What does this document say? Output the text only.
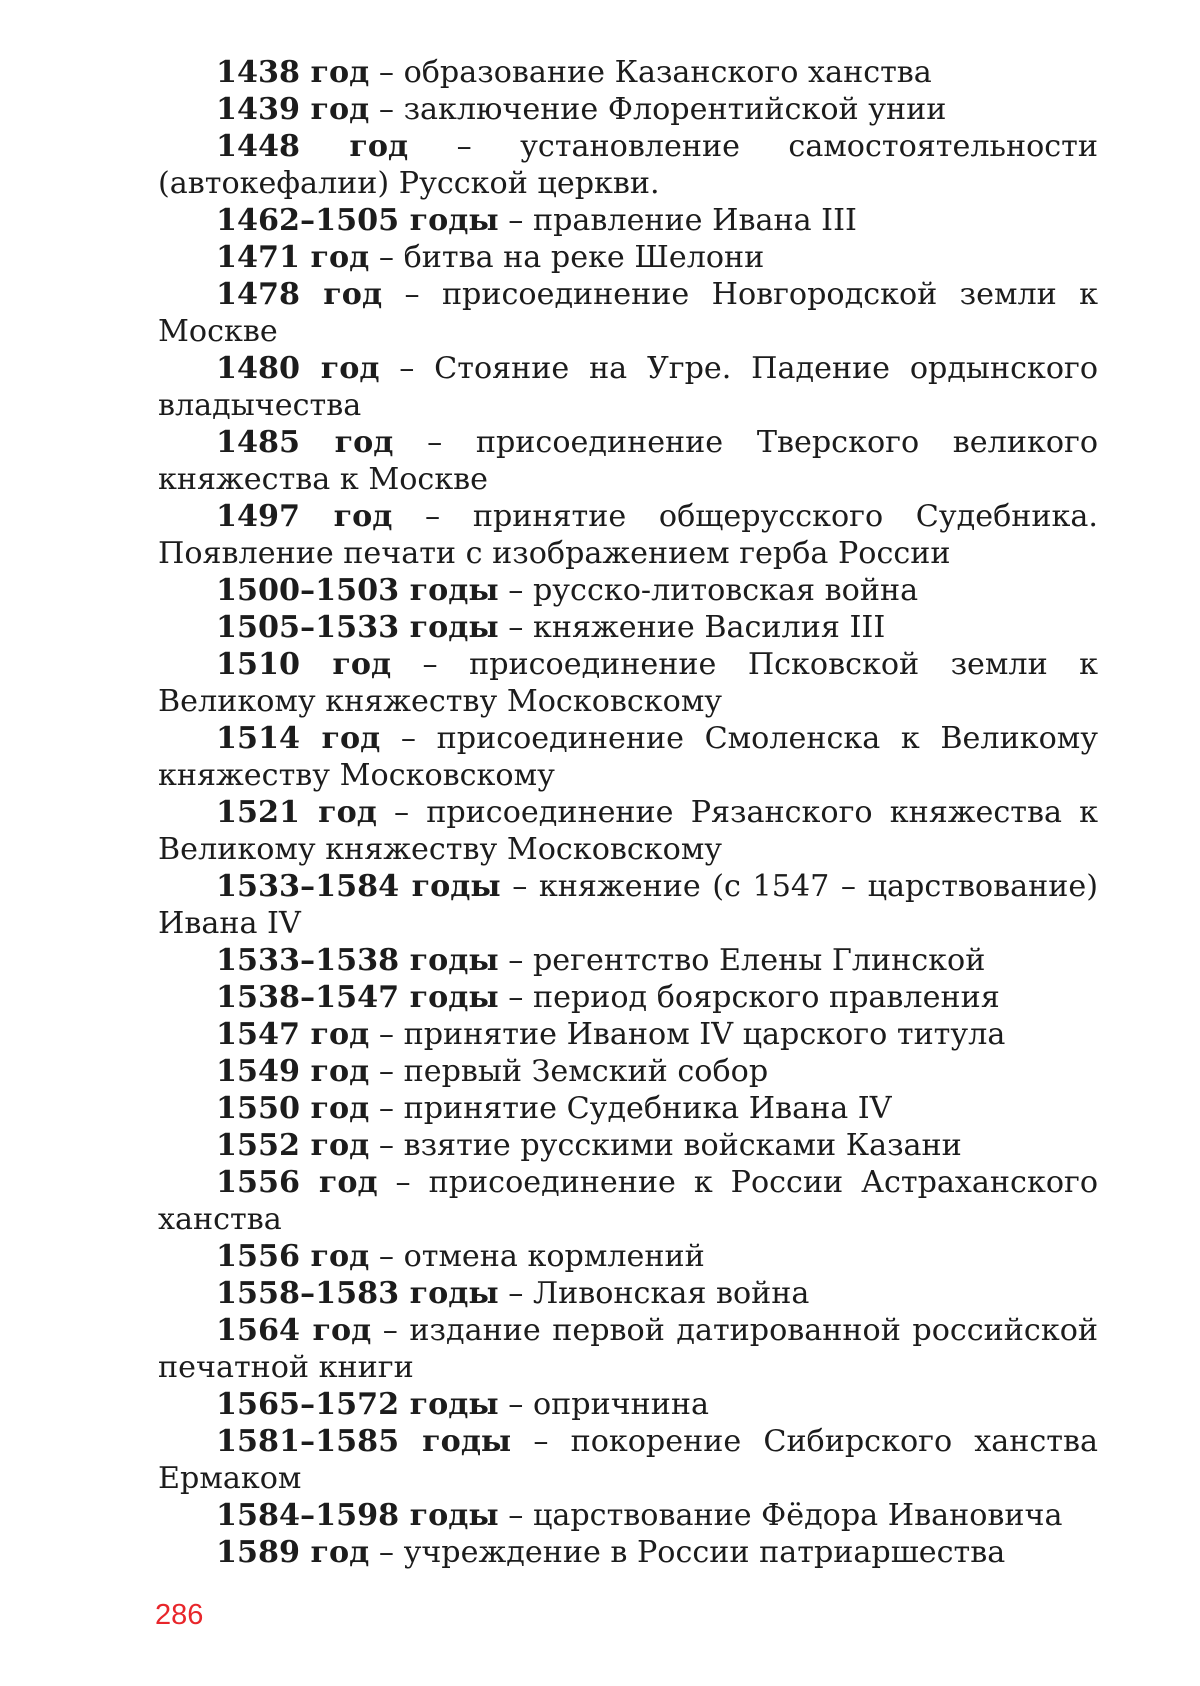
1438 год – образование Казанского ханства

1439 год – заключение Флорентийской унии

1448 год – установление самостоятельности (автокефалии) Русской церкви.

1462–1505 годы – правление Ивана III

1471 год – битва на реке Шелони

1478 год – присоединение Новгородской земли к Москве

1480 год – Стояние на Угре. Падение ордынского владычества

1485 год – присоединение Тверского великого княжества к Москве

1497 год – принятие общерусского Судебника. Появление печати с изображением герба России

1500–1503 годы – русско-литовская война

1505–1533 годы – княжение Василия III

1510 год – присоединение Псковской земли к Великому княжеству Московскому

1514 год – присоединение Смоленска к Великому княжеству Московскому

1521 год – присоединение Рязанского княжества к Великому княжеству Московскому

1533–1584 годы – княжение (с 1547 – царствование) Ивана IV

1533–1538 годы – регентство Елены Глинской

1538–1547 годы – период боярского правления

1547 год – принятие Иваном IV царского титула

1549 год – первый Земский собор

1550 год – принятие Судебника Ивана IV

1552 год – взятие русскими войсками Казани

1556 год – присоединение к России Астраханского ханства

1556 год – отмена кормлений

1558–1583 годы – Ливонская война

1564 год – издание первой датированной российской печатной книги

1565–1572 годы – опричнина

1581–1585 годы – покорение Сибирского ханства Ермаком

1584–1598 годы – царствование Фёдора Ивановича

1589 год – учреждение в России патриаршества

286
